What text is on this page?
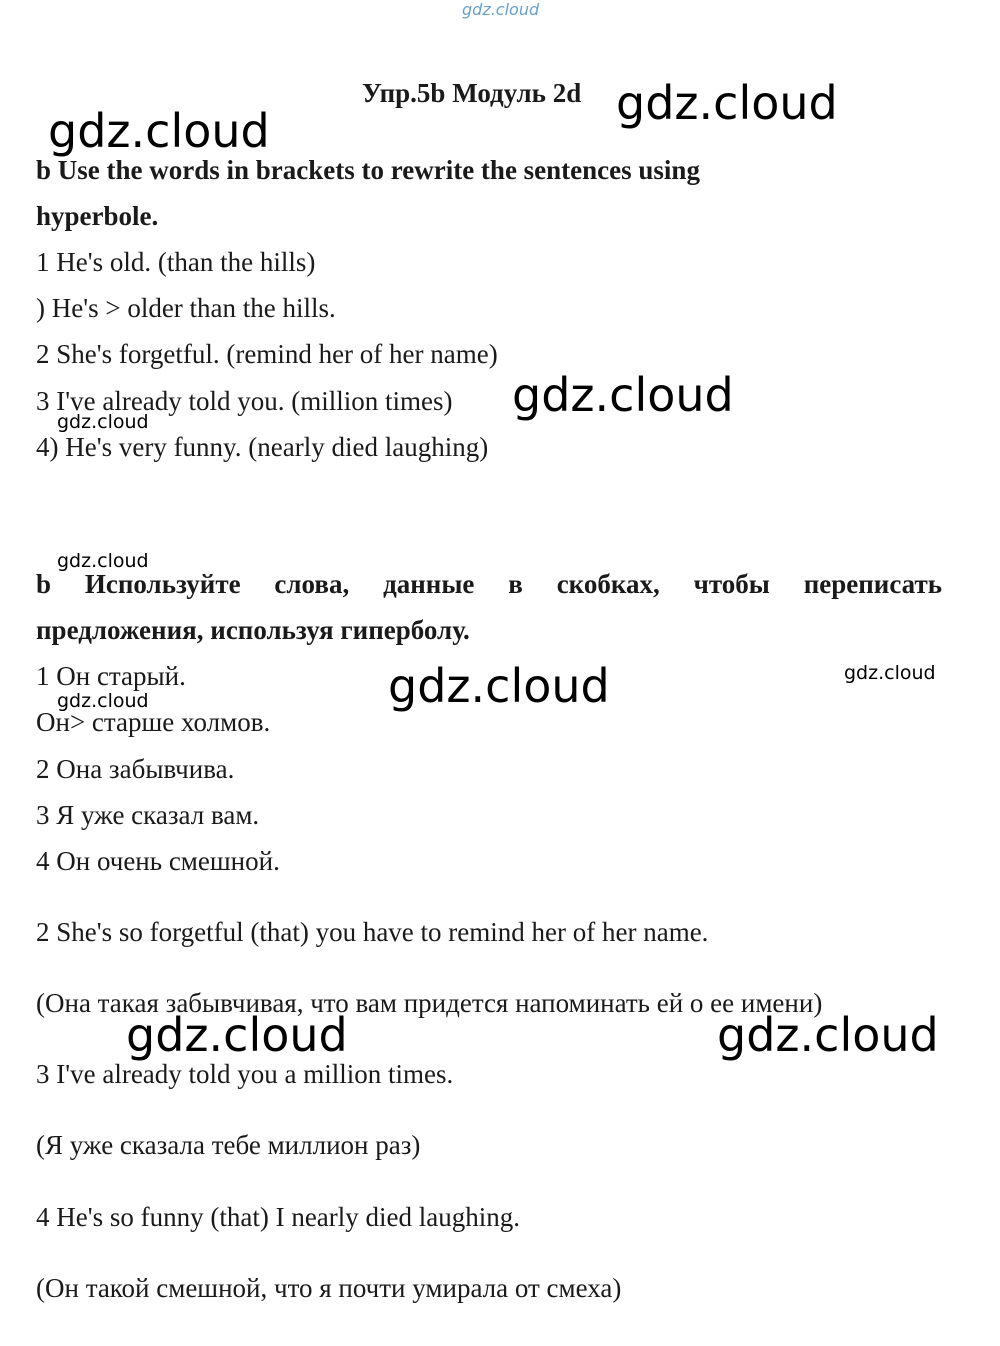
gdz.cloud
Упр.5b Модуль 2d
b Use the words in brackets to rewrite the sentences using
hyperbole.
1 He's old. (than the hills)
) He's > older than the hills.
2 She's forgetful. (remind her of her name)
3 I've already told you. (million times)
4) He's very funny. (nearly died laughing)
b Используйте слова, данные в скобках, чтобы переписать
предложения, используя гиперболу.
1 Он старый.
Он> старше холмов.
2 Она забывчива.
3 Я уже сказал вам.
4 Он очень смешной.
2 She's so forgetful (that) you have to remind her of her name.
(Она такая забывчивая, что вам придется напоминать ей о ее имени)
3 I've already told you a million times.
(Я уже сказала тебе миллион раз)
4 He's so funny (that) I nearly died laughing.
(Он такой смешной, что я почти умирала от смеха)
gdz.cloud
gdz.cloud
gdz.cloud
gdz.cloud
gdz.cloud
gdz.cloud	gdz.cloud
gdz.cloud
gdz.cloud	gdz.cloud
